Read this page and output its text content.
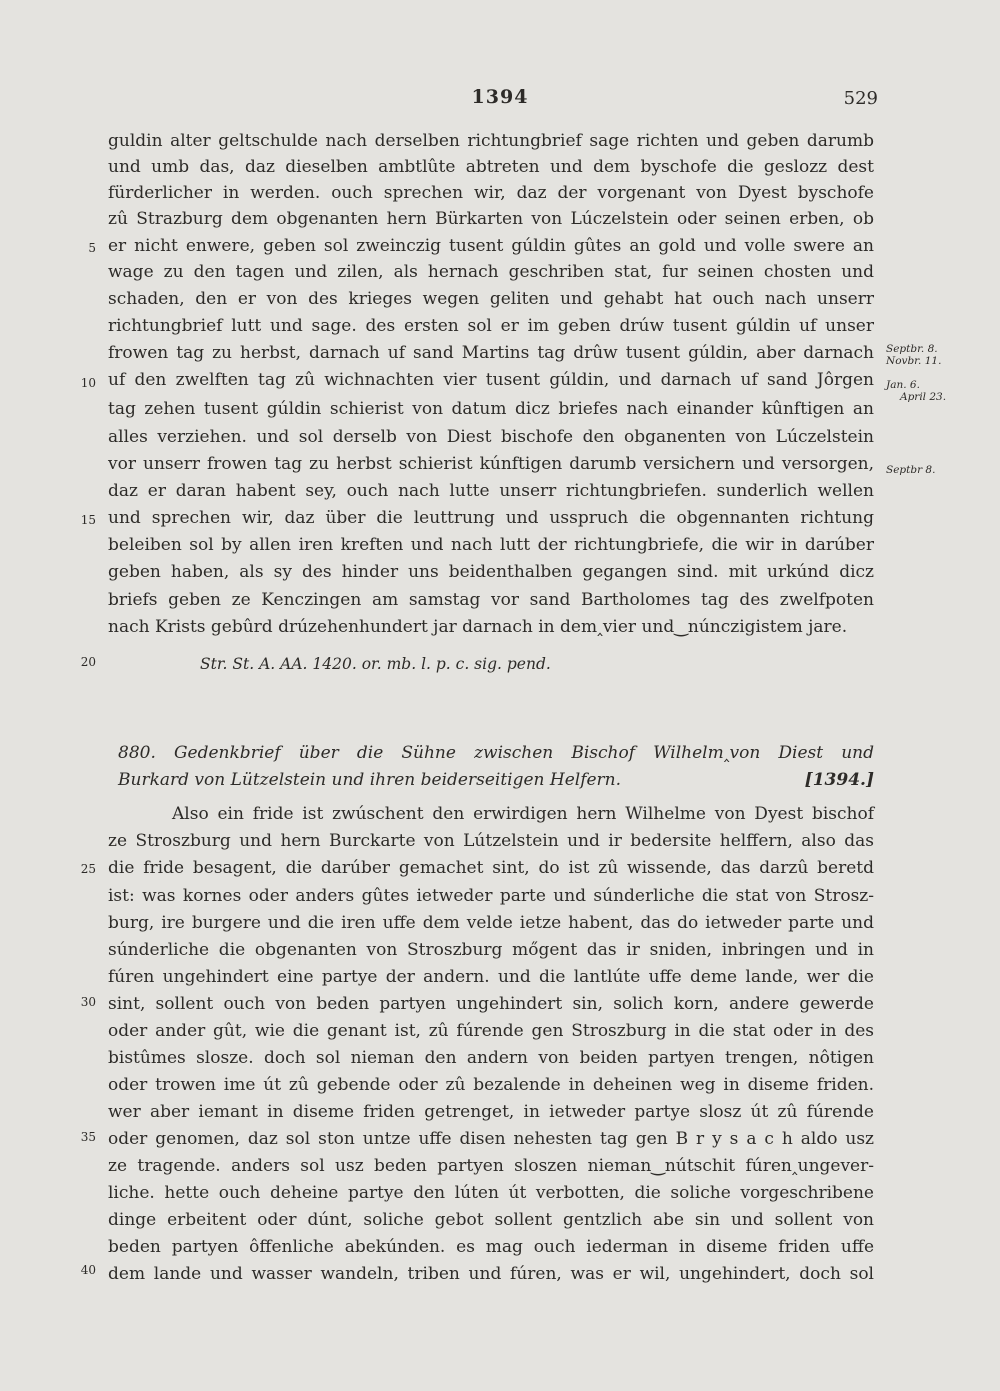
1394	529
guldin alter geltschulde nach derselben richtungbrief sage richten und geben darumb
und umb das, daz dieselben ambtlûte abtreten und dem byschofe die geslozz dest
fürderlicher in werden. ouch sprechen wir, daz der vorgenant von Dyest byschofe
zû Strazburg dem obgenanten hern Bürkarten von Lúczelstein oder seinen erben, ob
er nicht enwere, geben sol zweinczig tusent gúldin gûtes an gold und volle swere an
wage zu den tagen und zilen, als hernach geschriben stat, fur seinen chosten und
schaden, den er von des krieges wegen geliten und gehabt hat ouch nach unserr
richtungbrief lutt und sage. des ersten sol er im geben drúw tusent gúldin uf unser
frowen tag zu herbst, darnach uf sand Martins tag drûw tusent gúldin, aber darnach
uf den zwelften tag zû wichnachten vier tusent gúldin, und darnach uf sand Jôrgen
tag zehen tusent gúldin schierist von datum dicz briefes nach einander kûnftigen an
alles verziehen. und sol derselb von Diest bischofe den obganenten von Lúczelstein
vor unserr frowen tag zu herbst schierist kúnftigen darumb versichern und versorgen,
daz er daran habent sey, ouch nach lutte unserr richtungbriefen. sunderlich wellen
und sprechen wir, daz über die leuttrung und usspruch die obgennanten richtung
beleiben sol by allen iren kreften und nach lutt der richtungbriefe, die wir in darúber
geben haben, als sy des hinder uns beidenthalben gegangen sind. mit urkúnd dicz
briefs geben ze Kenczingen am samstag vor sand Bartholomes tag des zwelfpoten
nach Krists gebûrd drúzehenhundert jar darnach in dem‸vier und‿núnczigistem jare.
Str. St. A. AA. 1420. or. mb. l. p. c. sig. pend.
880. Gedenkbrief über die Sühne zwischen Bischof Wilhelm‸von Diest und
Burkard von Lützelstein und ihren beiderseitigen Helfern.	[1394.]
Also ein fride ist zwúschent den erwirdigen hern Wilhelme von Dyest bischof
ze Stroszburg und hern Burckarte von Lútzelstein und ir bedersite helffern, also das
die fride besagent, die darúber gemachet sint, do ist zû wissende, das darzû beretd
ist: was kornes oder anders gûtes ietweder parte und súnderliche die stat von Strosz-
burg, ire burgere und die iren uffe dem velde ietze habent, das do ietweder parte und
súnderliche die obgenanten von Stroszburg mőgent das ir sniden, inbringen und in
fúren ungehindert eine partye der andern. und die lantlúte uffe deme lande, wer die
sint, sollent ouch von beden partyen ungehindert sin, solich korn, andere gewerde
oder ander gût, wie die genant ist, zû fúrende gen Stroszburg in die stat oder in des
bistûmes slosze. doch sol nieman den andern von beiden partyen trengen, nôtigen
oder trowen ime út zû gebende oder zû bezalende in deheinen weg in diseme friden.
wer aber iemant in diseme friden getrenget, in ietweder partye slosz út zû fúrende
oder genomen, daz sol ston untze uffe disen nehesten tag gen B r y s a c h aldo usz
ze tragende. anders sol usz beden partyen sloszen nieman‿nútschit fúren‸ungever-
liche. hette ouch deheine partye den lúten út verbotten, die soliche vorgeschribene
dinge erbeitent oder dúnt, soliche gebot sollent gentzlich abe sin und sollent von
beden partyen ôffenliche abekúnden. es mag ouch iederman in diseme friden uffe
dem lande und wasser wandeln, triben und fúren, was er wil, ungehindert, doch sol
5
10
15
20
25
30
35
40
Septbr. 8.
Novbr. 11.
Jan. 6.
April 23.
Septbr 8.
